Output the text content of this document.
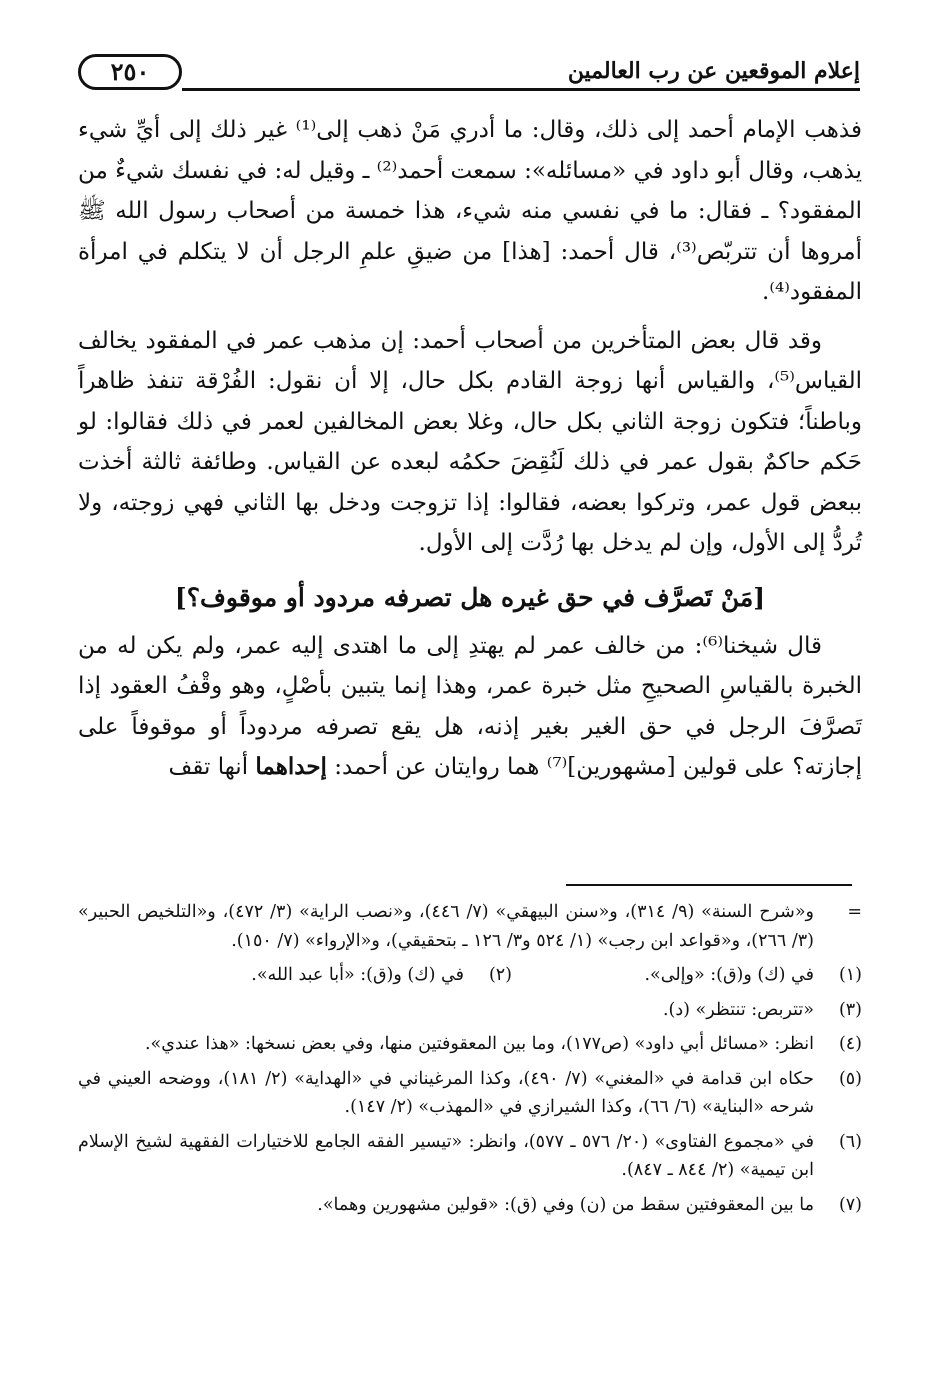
إعلام الموقعين عن رب العالمين
٢٥٠

فذهب الإمام أحمد إلى ذلك، وقال: ما أدري مَنْ ذهب إلى⁽¹⁾ غير ذلك إلى أيِّ شيء يذهب، وقال أبو داود في «مسائله»: سمعت أحمد⁽²⁾ ـ وقيل له: في نفسك شيءٌ من المفقود؟ ـ فقال: ما في نفسي منه شيء، هذا خمسة من أصحاب رسول الله ﷺ أمروها أن تتربّص⁽³⁾، قال أحمد: [هذا] من ضيقِ علمِ الرجل أن لا يتكلم في امرأة المفقود⁽⁴⁾.

وقد قال بعض المتأخرين من أصحاب أحمد: إن مذهب عمر في المفقود يخالف القياس⁽⁵⁾، والقياس أنها زوجة القادم بكل حال، إلا أن نقول: الفُرْقة تنفذ ظاهراً وباطناً؛ فتكون زوجة الثاني بكل حال، وغلا بعض المخالفين لعمر في ذلك فقالوا: لو حَكم حاكمٌ بقول عمر في ذلك لَنُقِضَ حكمُه لبعده عن القياس. وطائفة ثالثة أخذت ببعض قول عمر، وتركوا بعضه، فقالوا: إذا تزوجت ودخل بها الثاني فهي زوجته، ولا تُردُّ إلى الأول، وإن لم يدخل بها رُدَّت إلى الأول.

[مَنْ تَصرَّف في حق غيره هل تصرفه مردود أو موقوف؟]

قال شيخنا⁽⁶⁾: من خالف عمر لم يهتدِ إلى ما اهتدى إليه عمر، ولم يكن له من الخبرة بالقياسِ الصحيحِ مثل خبرة عمر، وهذا إنما يتبين بأصْلٍ، وهو وقْفُ العقود إذا تَصرَّفَ الرجل في حق الغير بغير إذنه، هل يقع تصرفه مردوداً أو موقوفاً على إجازته؟ على قولين [مشهورين]⁽⁷⁾ هما روايتان عن أحمد: إحداهما أنها تقف

=
و«شرح السنة» (٩/ ٣١٤)، و«سنن البيهقي» (٧/ ٤٤٦)، و«نصب الراية» (٣/ ٤٧٢)، و«التلخيص الحبير» (٣/ ٢٦٦)، و«قواعد ابن رجب» (١/ ٥٢٤ و٣/ ١٢٦ ـ بتحقيقي)، و«الإرواء» (٧/ ١٥٠).
(١)
في (ك) و(ق): «وإلى».
(٢)
في (ك) و(ق): «أبا عبد الله».
(٣)
«تتربص: تنتظر» (د).
(٤)
انظر: «مسائل أبي داود» (ص١٧٧)، وما بين المعقوفتين منها، وفي بعض نسخها: «هذا عندي».
(٥)
حكاه ابن قدامة في «المغني» (٧/ ٤٩٠)، وكذا المرغيناني في «الهداية» (٢/ ١٨١)، ووضحه العيني في شرحه «البناية» (٦/ ٦٦)، وكذا الشيرازي في «المهذب» (٢/ ١٤٧).
(٦)
في «مجموع الفتاوى» (٢٠/ ٥٧٦ ـ ٥٧٧)، وانظر: «تيسير الفقه الجامع للاختيارات الفقهية لشيخ الإسلام ابن تيمية» (٢/ ٨٤٤ ـ ٨٤٧).
(٧)
ما بين المعقوفتين سقط من (ن) وفي (ق): «قولين مشهورين وهما».
